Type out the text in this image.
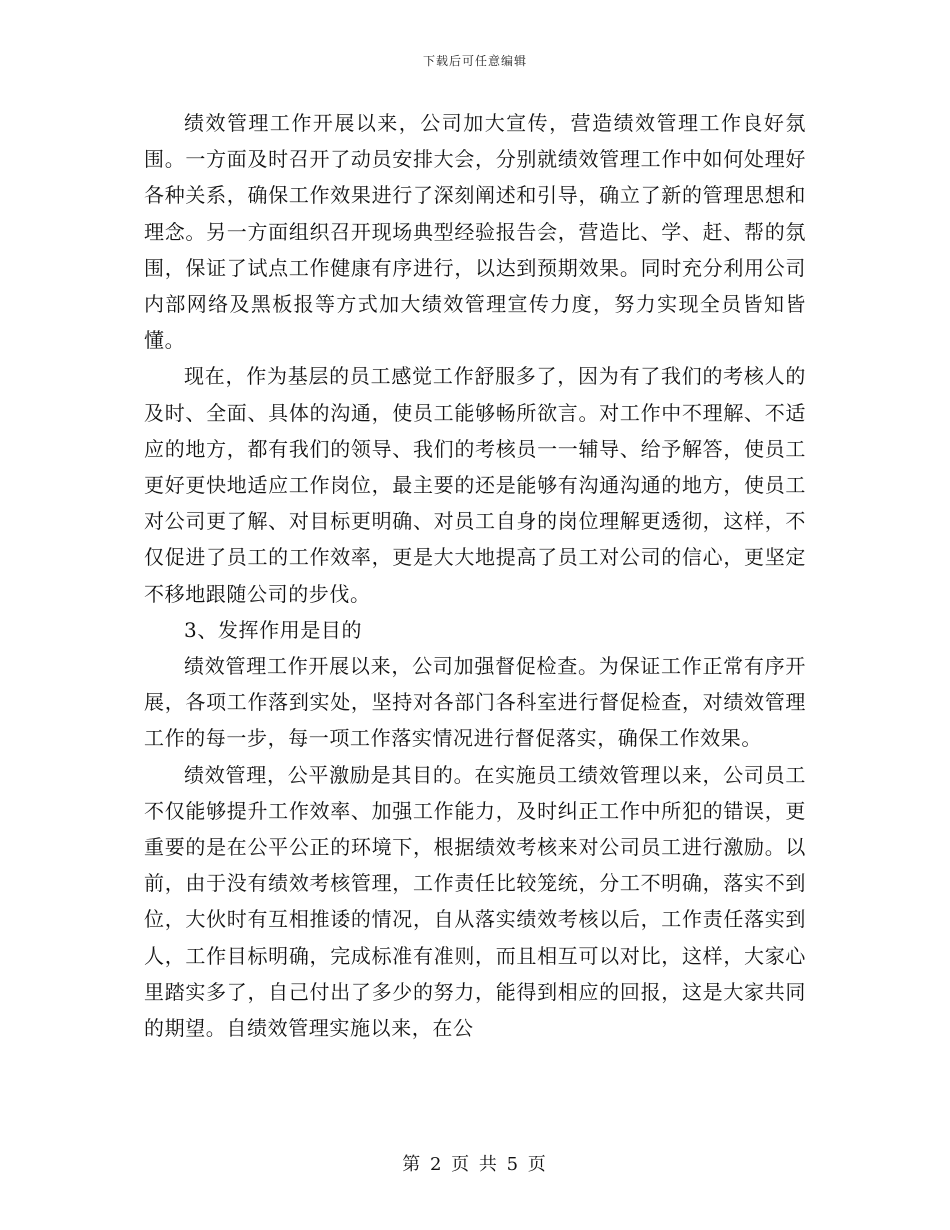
下载后可任意编辑

绩效管理工作开展以来，公司加大宣传，营造绩效管理工作良好氛围。一方面及时召开了动员安排大会，分别就绩效管理工作中如何处理好各种关系，确保工作效果进行了深刻阐述和引导，确立了新的管理思想和理念。另一方面组织召开现场典型经验报告会，营造比、学、赶、帮的氛围，保证了试点工作健康有序进行，以达到预期效果。同时充分利用公司内部网络及黑板报等方式加大绩效管理宣传力度，努力实现全员皆知皆懂。

现在，作为基层的员工感觉工作舒服多了，因为有了我们的考核人的及时、全面、具体的沟通，使员工能够畅所欲言。对工作中不理解、不适应的地方，都有我们的领导、我们的考核员一一辅导、给予解答，使员工更好更快地适应工作岗位，最主要的还是能够有沟通沟通的地方，使员工对公司更了解、对目标更明确、对员工自身的岗位理解更透彻，这样，不仅促进了员工的工作效率，更是大大地提高了员工对公司的信心，更坚定不移地跟随公司的步伐。

3、发挥作用是目的

绩效管理工作开展以来，公司加强督促检查。为保证工作正常有序开展，各项工作落到实处，坚持对各部门各科室进行督促检查，对绩效管理工作的每一步，每一项工作落实情况进行督促落实，确保工作效果。

绩效管理，公平激励是其目的。在实施员工绩效管理以来，公司员工不仅能够提升工作效率、加强工作能力，及时纠正工作中所犯的错误，更重要的是在公平公正的环境下，根据绩效考核来对公司员工进行激励。以前，由于没有绩效考核管理，工作责任比较笼统，分工不明确，落实不到位，大伙时有互相推诿的情况，自从落实绩效考核以后，工作责任落实到人，工作目标明确，完成标准有准则，而且相互可以对比，这样，大家心里踏实多了，自己付出了多少的努力，能得到相应的回报，这是大家共同的期望。自绩效管理实施以来，在公

第 2 页 共 5 页
